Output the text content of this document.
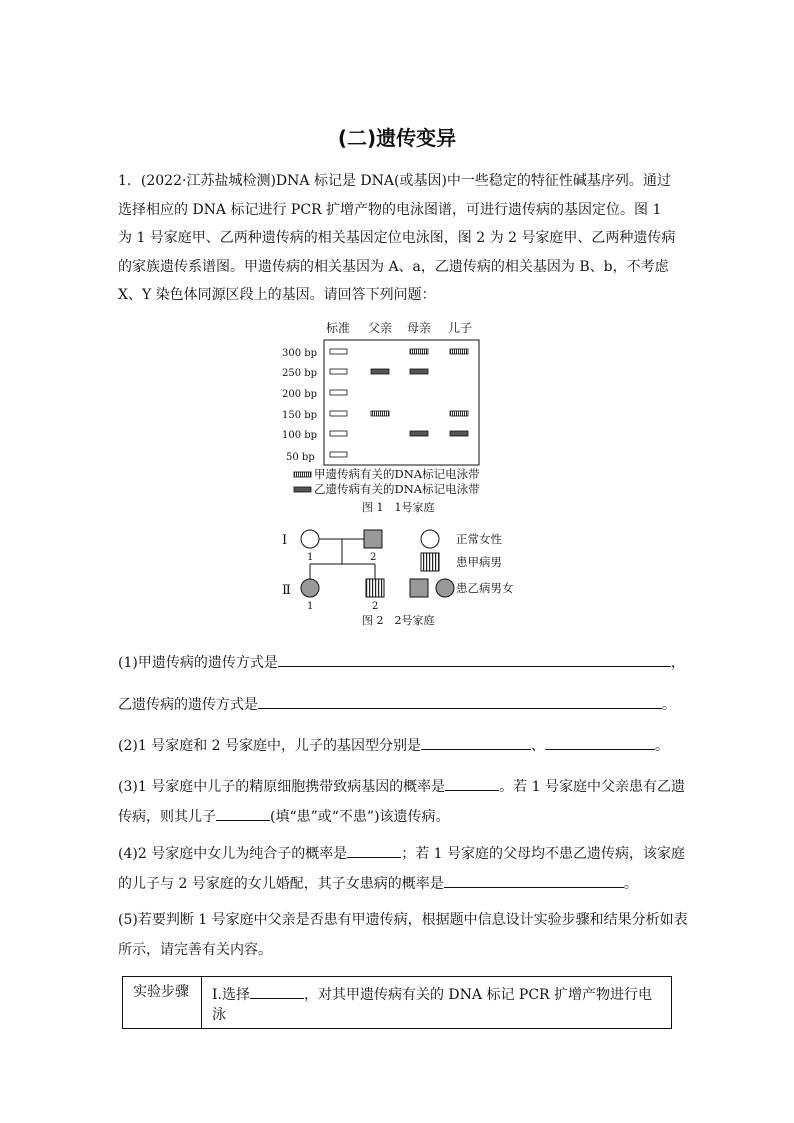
(二)遗传变异
1．(2022·江苏盐城检测)DNA 标记是 DNA(或基因)中一些稳定的特征性碱基序列。通过选择相应的 DNA 标记进行 PCR 扩增产物的电泳图谱，可进行遗传病的基因定位。图 1 为 1 号家庭甲、乙两种遗传病的相关基因定位电泳图，图 2 为 2 号家庭甲、乙两种遗传病的家族遗传系谱图。甲遗传病的相关基因为 A、a，乙遗传病的相关基因为 B、b，不考虑 X、Y 染色体同源区段上的基因。请回答下列问题：
标准 父亲 母亲 儿子
300 bp
250 bp
200 bp
150 bp
100 bp
50 bp
甲遗传病有关的DNA标记电泳带
乙遗传病有关的DNA标记电泳带
图 1　1号家庭
Ⅰ
Ⅱ
1	2
1	2
正常女性
患甲病男
患乙病男女
图 2　2号家庭
(1)甲遗传病的遗传方式是	，
乙遗传病的遗传方式是	。
(2)1 号家庭和 2 号家庭中，儿子的基因型分别是	、	。
(3)1 号家庭中儿子的精原细胞携带致病基因的概率是	。若 1 号家庭中父亲患有乙遗传病，则其儿子	(填“患”或“不患”)该遗传病。
(4)2 号家庭中女儿为纯合子的概率是	；若 1 号家庭的父母均不患乙遗传病，该家庭的儿子与 2 号家庭的女儿婚配，其子女患病的概率是	。
(5)若要判断 1 号家庭中父亲是否患有甲遗传病，根据题中信息设计实验步骤和结果分析如表所示，请完善有关内容。
实验步骤	Ⅰ.选择	，对其甲遗传病有关的 DNA 标记 PCR 扩增产物进行电泳
